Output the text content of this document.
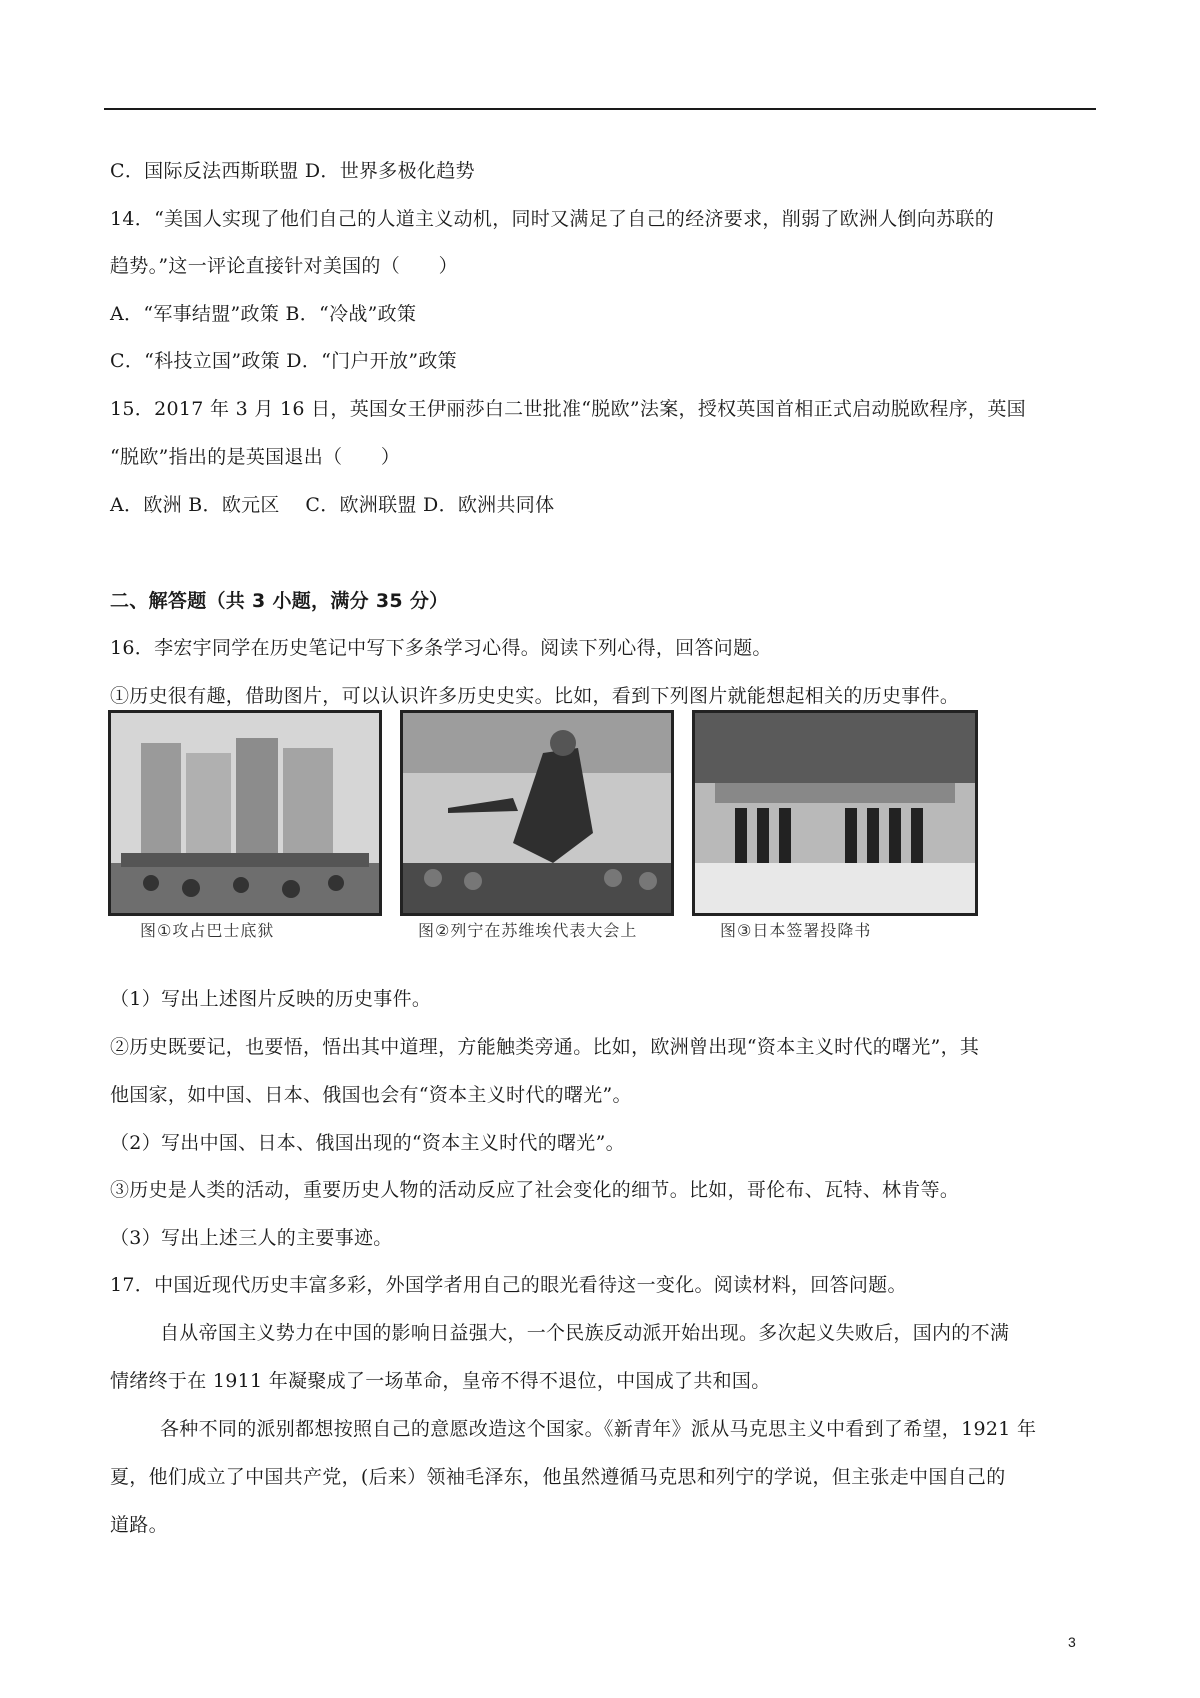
C．国际反法西斯联盟 D．世界多极化趋势
14．“美国人实现了他们自己的人道主义动机，同时又满足了自己的经济要求，削弱了欧洲人倒向苏联的
趋势。”这一评论直接针对美国的（　　）
A．“军事结盟”政策 B．“冷战”政策
C．“科技立国”政策 D．“门户开放”政策
15．2017 年 3 月 16 日，英国女王伊丽莎白二世批准“脱欧”法案，授权英国首相正式启动脱欧程序，英国
“脱欧”指出的是英国退出（　　）
A．欧洲 B．欧元区　 C．欧洲联盟 D．欧洲共同体
二、解答题（共 3 小题，满分 35 分）
16．李宏宇同学在历史笔记中写下多条学习心得。阅读下列心得，回答问题。
①历史很有趣，借助图片，可以认识许多历史史实。比如，看到下列图片就能想起相关的历史事件。
图①攻占巴士底狱	图②列宁在苏维埃代表大会上	图③日本签署投降书
（1）写出上述图片反映的历史事件。
②历史既要记，也要悟，悟出其中道理，方能触类旁通。比如，欧洲曾出现“资本主义时代的曙光”，其
他国家，如中国、日本、俄国也会有“资本主义时代的曙光”。
（2）写出中国、日本、俄国出现的“资本主义时代的曙光”。
③历史是人类的活动，重要历史人物的活动反应了社会变化的细节。比如，哥伦布、瓦特、林肯等。
（3）写出上述三人的主要事迹。
17．中国近现代历史丰富多彩，外国学者用自己的眼光看待这一变化。阅读材料，回答问题。
自从帝国主义势力在中国的影响日益强大，一个民族反动派开始出现。多次起义失败后，国内的不满
情绪终于在 1911 年凝聚成了一场革命，皇帝不得不退位，中国成了共和国。
各种不同的派别都想按照自己的意愿改造这个国家。《新青年》派从马克思主义中看到了希望，1921 年
夏，他们成立了中国共产党，(后来）领袖毛泽东，他虽然遵循马克思和列宁的学说，但主张走中国自己的
道路。
3
